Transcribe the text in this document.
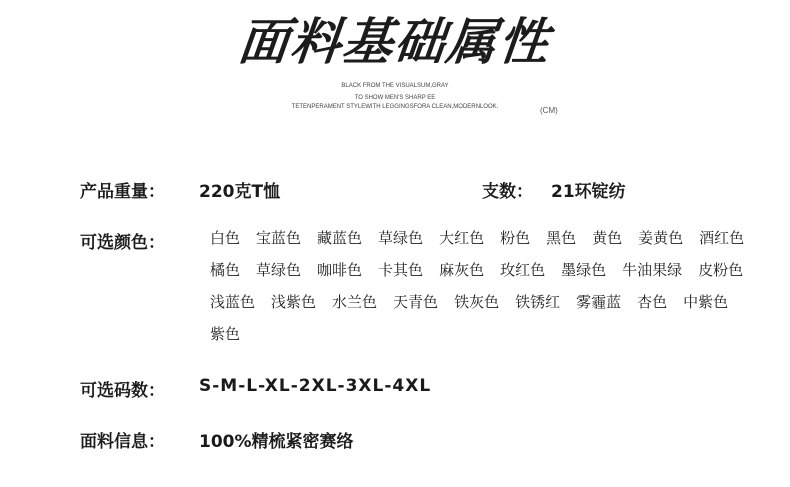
面料基础属性
BLACK FROM THE VISUALSUM,GRAY
TO SHOW MEN'S SHARP EE
TETENPERAMENT STYLEWITH LEGGINGSFORA CLEAN,MODERNLOOK.	(CM)
产品重量： 220克T恤	支数： 21环锭纺
可选颜色：	白色 宝蓝色 藏蓝色 草绿色 大红色 粉色 黑色 黄色 姜黄色 酒红色
橘色 草绿色 咖啡色 卡其色 麻灰色 玫红色 墨绿色 牛油果绿 皮粉色
浅蓝色 浅紫色 水兰色 天青色 铁灰色 铁锈红 雾霾蓝 杏色 中紫色
紫色
可选码数： S-M-L-XL-2XL-3XL-4XL
面料信息： 100%精梳紧密赛络
